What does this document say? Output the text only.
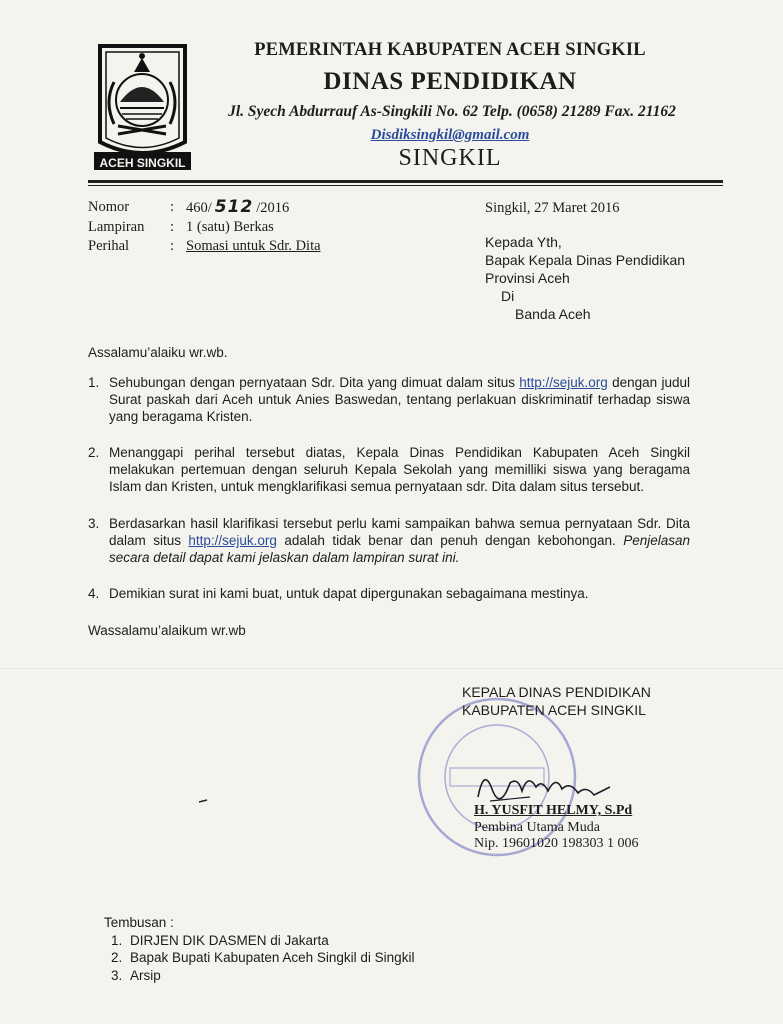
ACEH SINGKIL
PEMERINTAH KABUPATEN ACEH SINGKIL
DINAS PENDIDIKAN
Jl. Syech Abdurrauf As-Singkili No. 62 Telp. (0658) 21289 Fax. 21162
Disdiksingkil@gmail.com
SINGKIL
Nomor	:	460/ 512 /2016
Lampiran	:	1 (satu) Berkas
Perihal	:	Somasi untuk Sdr. Dita
Singkil, 27 Maret 2016
Kepada Yth,
Bapak Kepala Dinas Pendidikan
Provinsi Aceh
Di
Banda Aceh
Assalamu’alaiku wr.wb.
1. Sehubungan dengan pernyataan Sdr. Dita yang dimuat dalam situs http://sejuk.org dengan judul Surat paskah dari Aceh untuk Anies Baswedan, tentang perlakuan diskriminatif terhadap siswa yang beragama Kristen.
2. Menanggapi perihal tersebut diatas, Kepala Dinas Pendidikan Kabupaten Aceh Singkil melakukan pertemuan dengan seluruh Kepala Sekolah yang memilliki siswa yang beragama Islam dan Kristen, untuk mengklarifikasi semua pernyataan sdr. Dita dalam situs tersebut.
3. Berdasarkan hasil klarifikasi tersebut perlu kami sampaikan bahwa semua pernyataan Sdr. Dita dalam situs http://sejuk.org adalah tidak benar dan penuh dengan kebohongan. Penjelasan secara detail dapat kami jelaskan dalam lampiran surat ini.
4. Demikian surat ini kami buat, untuk dapat dipergunakan sebagaimana mestinya.
Wassalamu’alaikum wr.wb
KEPALA DINAS PENDIDIKAN
KABUPATEN ACEH SINGKIL
H. YUSFIT HELMY, S.Pd
Pembina Utama Muda
Nip. 19601020 198303 1 006
Tembusan :
1. DIRJEN DIK DASMEN di Jakarta
2. Bapak Bupati Kabupaten Aceh Singkil di Singkil
3. Arsip
